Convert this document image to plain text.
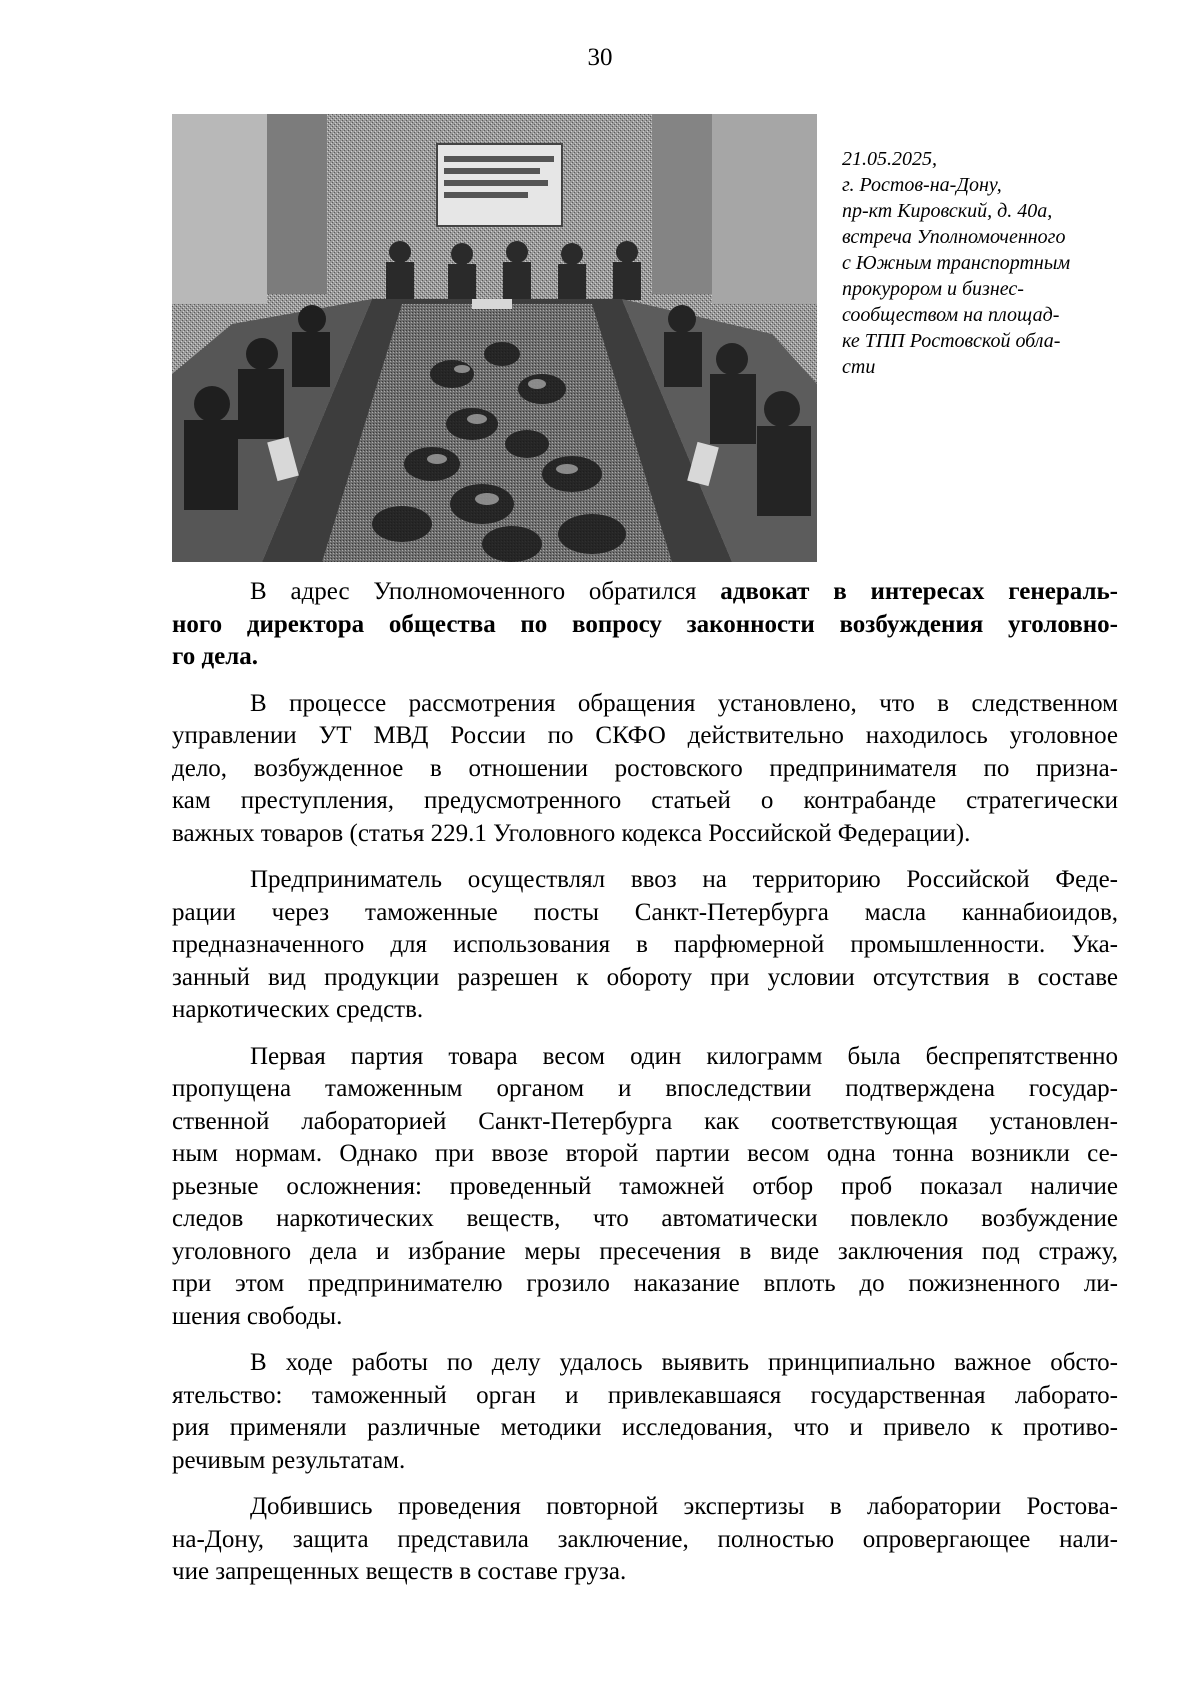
30
21.05.2025,
г. Ростов-на-Дону,
пр-кт Кировский, д. 40а,
встреча Уполномоченного
с Южным транспортным
прокурором и бизнес-
сообществом на площад-
ке ТПП Ростовской обла-
сти
В адрес Уполномоченного обратился адвокат в интересах генераль-
ного директора общества по вопросу законности возбуждения уголовно-
го дела.
В процессе рассмотрения обращения установлено, что в следственном
управлении УТ МВД России по СКФО действительно находилось уголовное
дело, возбужденное в отношении ростовского предпринимателя по призна-
кам преступления, предусмотренного статьей о контрабанде стратегически
важных товаров (статья 229.1 Уголовного кодекса Российской Федерации).
Предприниматель осуществлял ввоз на территорию Российской Феде-
рации через таможенные посты Санкт-Петербурга масла каннабиоидов,
предназначенного для использования в парфюмерной промышленности. Ука-
занный вид продукции разрешен к обороту при условии отсутствия в составе
наркотических средств.
Первая партия товара весом один килограмм была беспрепятственно
пропущена таможенным органом и впоследствии подтверждена государ-
ственной лабораторией Санкт-Петербурга как соответствующая установлен-
ным нормам. Однако при ввозе второй партии весом одна тонна возникли се-
рьезные осложнения: проведенный таможней отбор проб показал наличие
следов наркотических веществ, что автоматически повлекло возбуждение
уголовного дела и избрание меры пресечения в виде заключения под стражу,
при этом предпринимателю грозило наказание вплоть до пожизненного ли-
шения свободы.
В ходе работы по делу удалось выявить принципиально важное обсто-
ятельство: таможенный орган и привлекавшаяся государственная лаборато-
рия применяли различные методики исследования, что и привело к противо-
речивым результатам.
Добившись проведения повторной экспертизы в лаборатории Ростова-
на-Дону, защита представила заключение, полностью опровергающее нали-
чие запрещенных веществ в составе груза.
